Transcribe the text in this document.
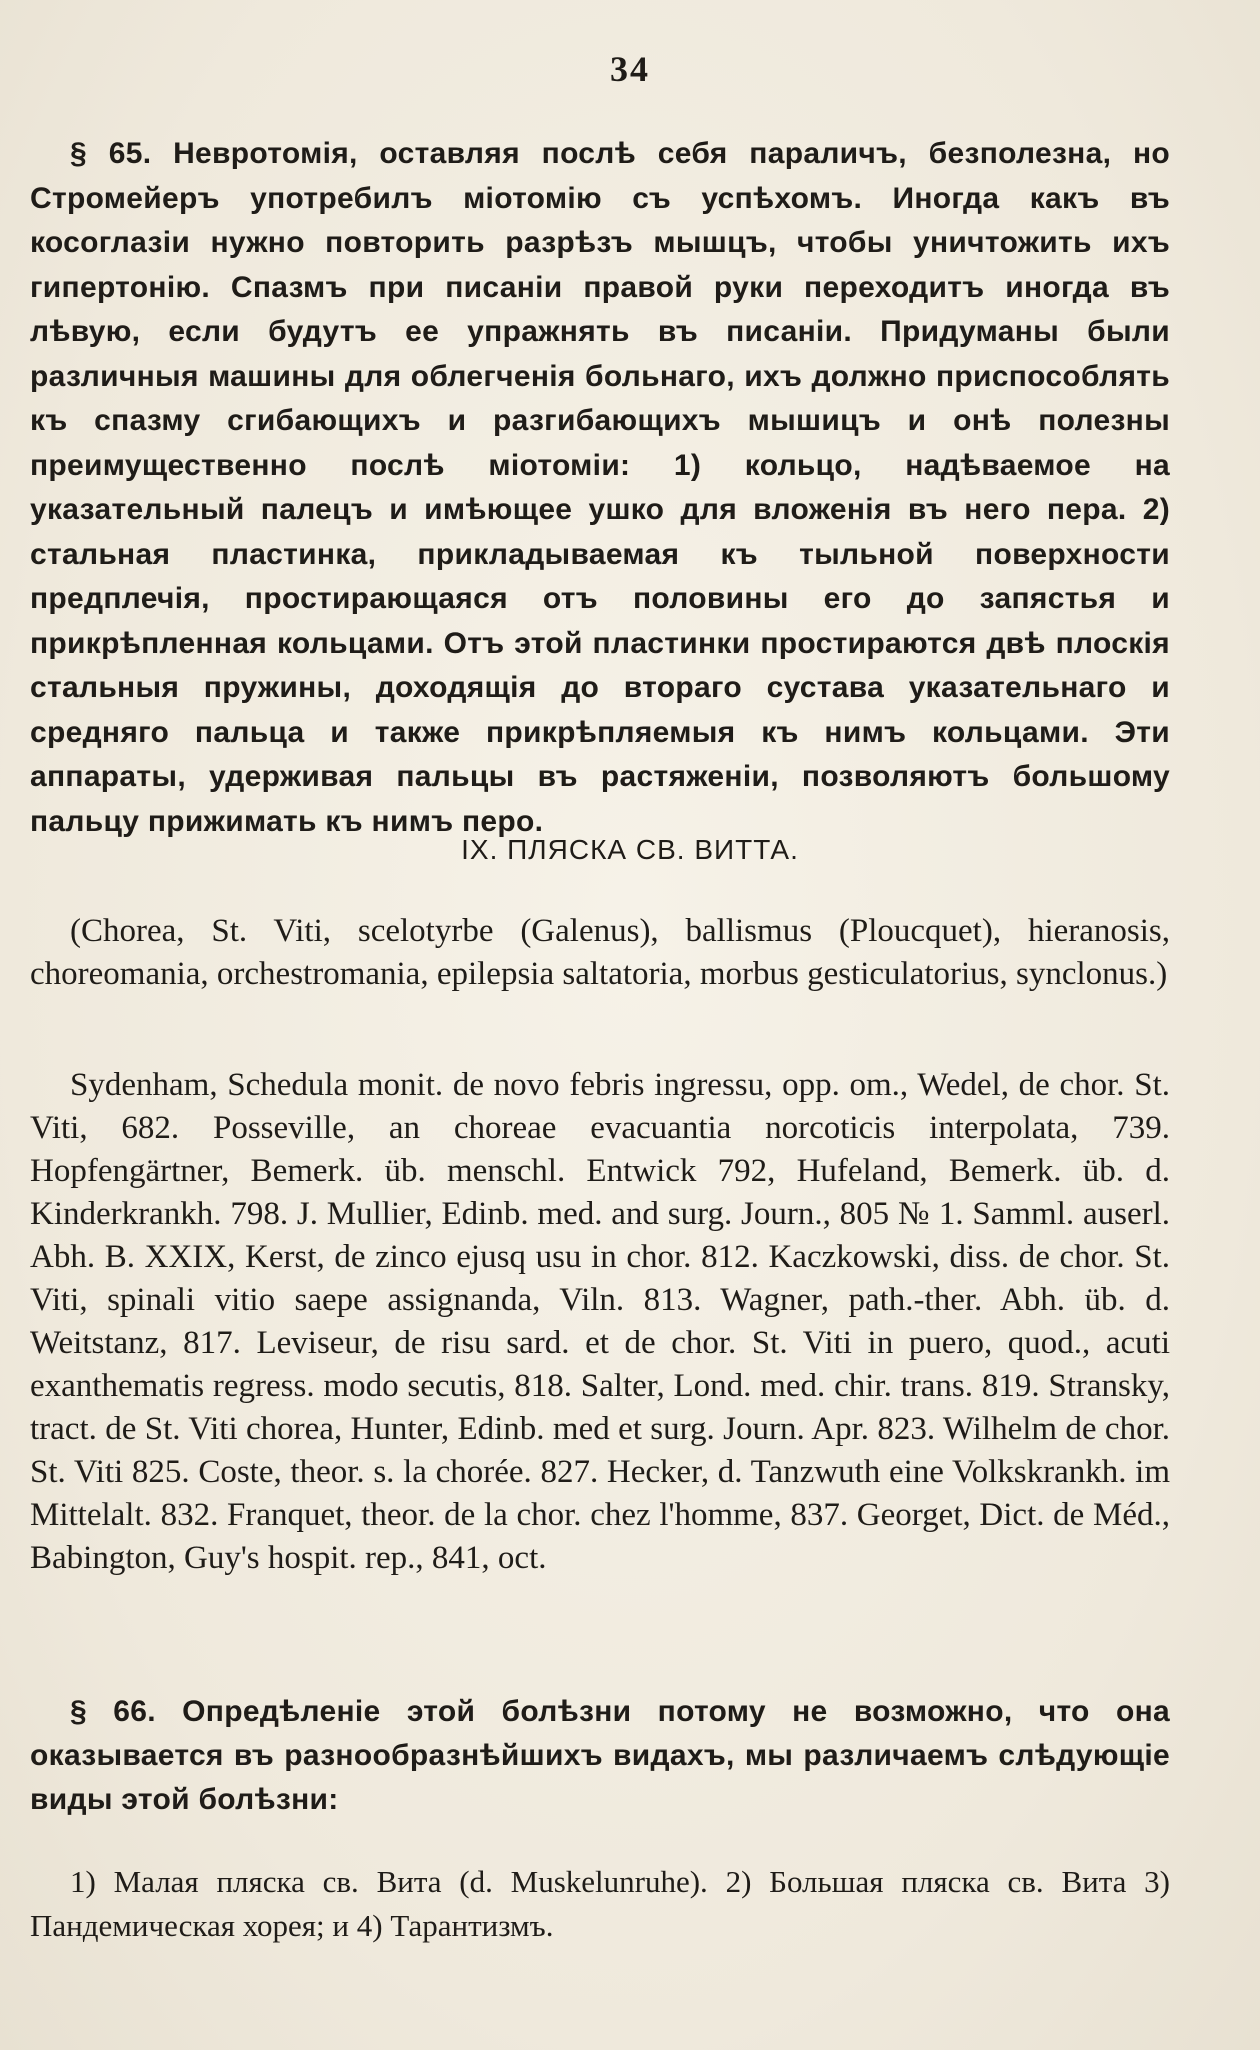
34

§ 65. Невротомія, оставляя послѣ себя параличъ, безполезна, но Стромейеръ употребилъ міотомію съ успѣхомъ. Иногда какъ въ косоглазіи нужно повторить разрѣзъ мышцъ, чтобы уничтожить ихъ гипертонію. Спазмъ при писаніи правой руки переходитъ иногда въ лѣвую, если будутъ ее упражнять въ писаніи. Придуманы были различныя машины для облегченія больнаго, ихъ должно приспособлять къ спазму сгибающихъ и разгибающихъ мышицъ и онѣ полезны преимущественно послѣ міотоміи: 1) кольцо, надѣваемое на указательный палецъ и имѣющее ушко для вложенія въ него пера. 2) стальная пластинка, прикладываемая къ тыльной поверхности предплечія, простирающаяся отъ половины его до запястья и прикрѣпленная кольцами. Отъ этой пластинки простираются двѣ плоскія стальныя пружины, доходящія до втораго сустава указательнаго и средняго пальца и также прикрѣпляемыя къ нимъ кольцами. Эти аппараты, удерживая пальцы въ растяженіи, позволяютъ большому пальцу прижимать къ нимъ перо.

IX. ПЛЯСКА СВ. ВИТТА.

(Chorea, St. Viti, scelotyrbe (Galenus), ballismus (Ploucquet), hieranosis, choreomania, orchestromania, epilepsia saltatoria, morbus gesticulatorius, synclonus.)

Sydenham, Schedula monit. de novo febris ingressu, opp. om., Wedel, de chor. St. Viti, 682. Posseville, an choreae evacuantia norcoticis interpolata, 739. Hopfengärtner, Bemerk. üb. menschl. Entwick 792, Hufeland, Bemerk. üb. d. Kinderkrankh. 798. J. Mullier, Edinb. med. and surg. Journ., 805 № 1. Samml. auserl. Abh. B. XXIX, Kerst, de zinco ejusq usu in chor. 812. Kaczkowski, diss. de chor. St. Viti, spinali vitio saepe assignanda, Viln. 813. Wagner, path.-ther. Abh. üb. d. Weitstanz, 817. Leviseur, de risu sard. et de chor. St. Viti in puero, quod., acuti exanthematis regress. modo secutis, 818. Salter, Lond. med. chir. trans. 819. Stransky, tract. de St. Viti chorea, Hunter, Edinb. med et surg. Journ. Apr. 823. Wilhelm de chor. St. Viti 825. Coste, theor. s. la chorée. 827. Hecker, d. Tanzwuth eine Volkskrankh. im Mittelalt. 832. Franquet, theor. de la chor. chez l'homme, 837. Georget, Dict. de Méd., Babington, Guy's hospit. rep., 841, oct.

§ 66. Опредѣленіе этой болѣзни потому не возможно, что она оказывается въ разнообразнѣйшихъ видахъ, мы различаемъ слѣдующіе виды этой болѣзни:

1) Малая пляска св. Вита (d. Muskelunruhe). 2) Большая пляска св. Вита 3) Пандемическая хорея; и 4) Тарантизмъ.
